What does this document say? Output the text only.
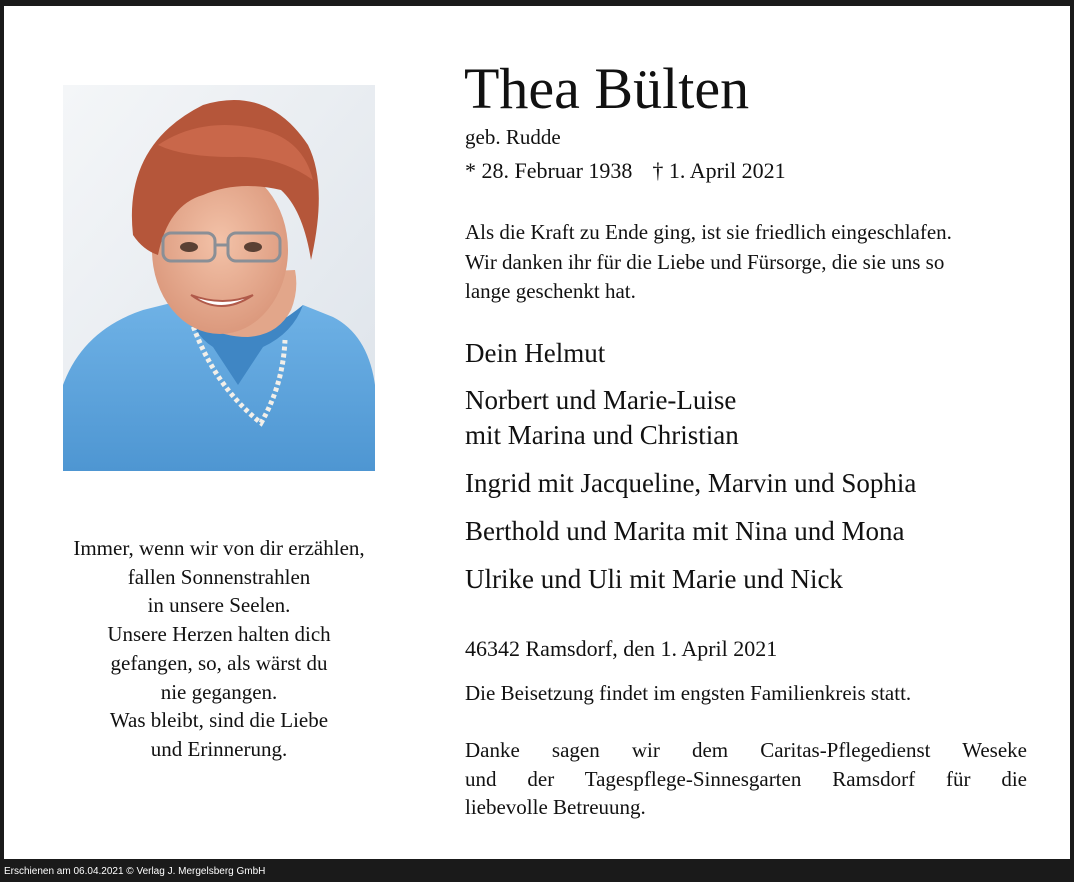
Immer, wenn wir von dir erzählen,
fallen Sonnenstrahlen
in unsere Seelen.
Unsere Herzen halten dich
gefangen, so, als wärst du
nie gegangen.
Was bleibt, sind die Liebe
und Erinnerung.
Thea Bülten
geb. Rudde
* 28. Februar 1938 † 1. April 2021
Als die Kraft zu Ende ging, ist sie friedlich eingeschlafen.
Wir danken ihr für die Liebe und Fürsorge, die sie uns so
lange geschenkt hat.
Dein Helmut
Norbert und Marie-Luise
mit Marina und Christian
Ingrid mit Jacqueline, Marvin und Sophia
Berthold und Marita mit Nina und Mona
Ulrike und Uli mit Marie und Nick
46342 Ramsdorf, den 1. April 2021
Die Beisetzung findet im engsten Familienkreis statt.
Danke sagen wir dem Caritas-Pflegedienst Weseke
und der Tagespflege-Sinnesgarten Ramsdorf für die
liebevolle Betreuung.
Erschienen am 06.04.2021 © Verlag J. Mergelsberg GmbH
